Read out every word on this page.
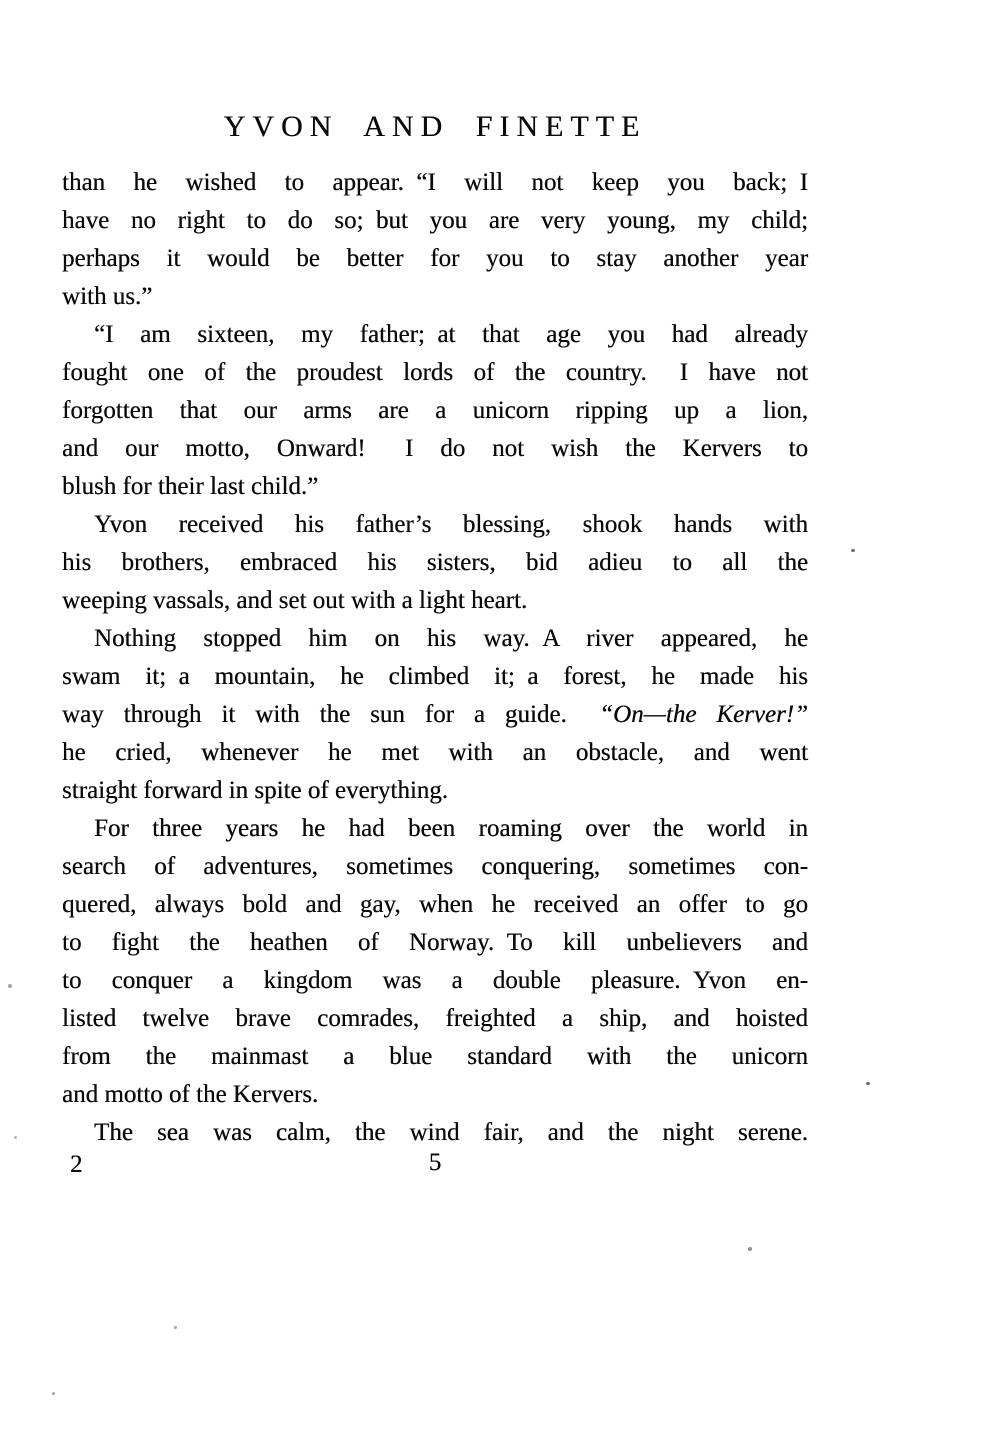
YVON AND FINETTE
than he wished to appear. “I will not keep you back; I
have no right to do so; but you are very young, my child;
perhaps it would be better for you to stay another year
with us.”
“I am sixteen, my father; at that age you had already
fought one of the proudest lords of the country.  I have not
forgotten that our arms are a unicorn ripping up a lion,
and our motto, Onward!  I do not wish the Kervers to
blush for their last child.”
Yvon received his father’s blessing, shook hands with
his brothers, embraced his sisters, bid adieu to all the
weeping vassals, and set out with a light heart.
Nothing stopped him on his way. A river appeared, he
swam it; a mountain, he climbed it; a forest, he made his
way through it with the sun for a guide.  “On—the Kerver!”
he cried, whenever he met with an obstacle, and went
straight forward in spite of everything.
For three years he had been roaming over the world in
search of adventures, sometimes conquering, sometimes con-
quered, always bold and gay, when he received an offer to go
to fight the heathen of Norway. To kill unbelievers and
to conquer a kingdom was a double pleasure. Yvon en-
listed twelve brave comrades, freighted a ship, and hoisted
from the mainmast a blue standard with the unicorn
and motto of the Kervers.
The sea was calm, the wind fair, and the night serene.
2	5
